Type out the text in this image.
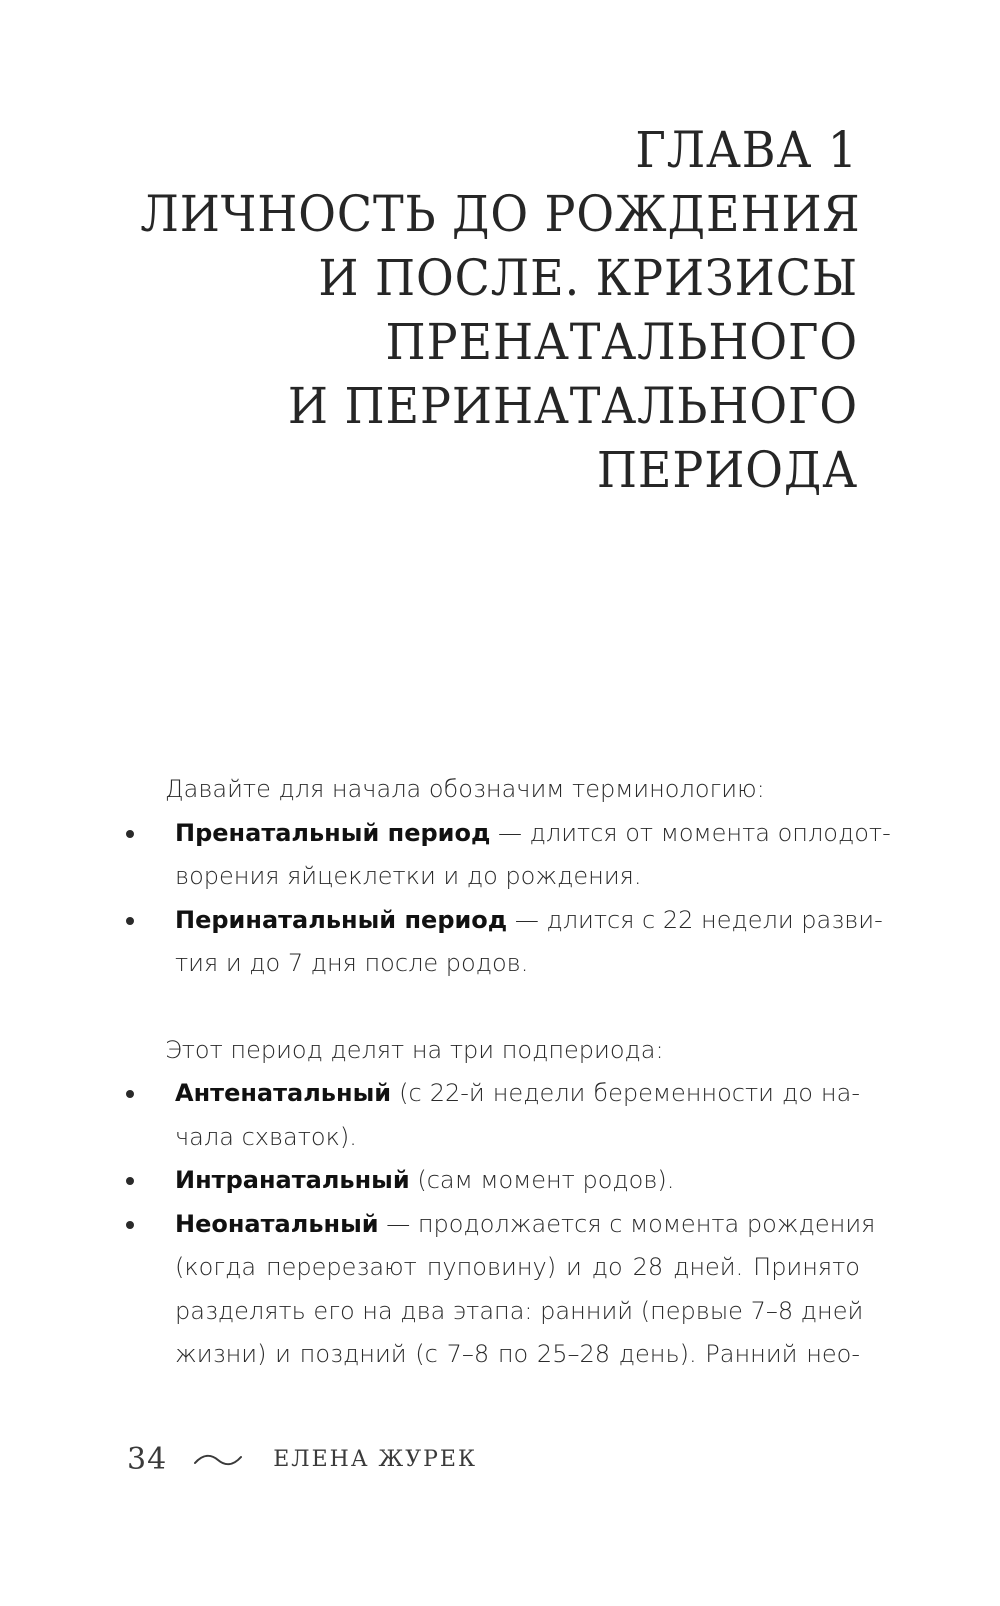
ГЛАВА 1
ЛИЧНОСТЬ ДО РОЖДЕНИЯ
И ПОСЛЕ. КРИЗИСЫ
ПРЕНАТАЛЬНОГО
И ПЕРИНАТАЛЬНОГО
ПЕРИОДА
Давайте для начала обозначим терминологию:
Пренатальный период — длится от момента оплодот-
ворения яйцеклетки и до рождения.
Перинатальный период — длится с 22 недели разви-
тия и до 7 дня после родов.
Этот период делят на три подпериода:
Антенатальный (с 22-й недели беременности до на-
чала схваток).
Интранатальный (сам момент родов).
Неонатальный — продолжается с момента рождения
(когда перерезают пуповину) и до 28 дней. Принято
разделять его на два этапа: ранний (первые 7–8 дней
жизни) и поздний (с 7–8 по 25–28 день). Ранний нео-
34	ЕЛЕНА ЖУРЕК
